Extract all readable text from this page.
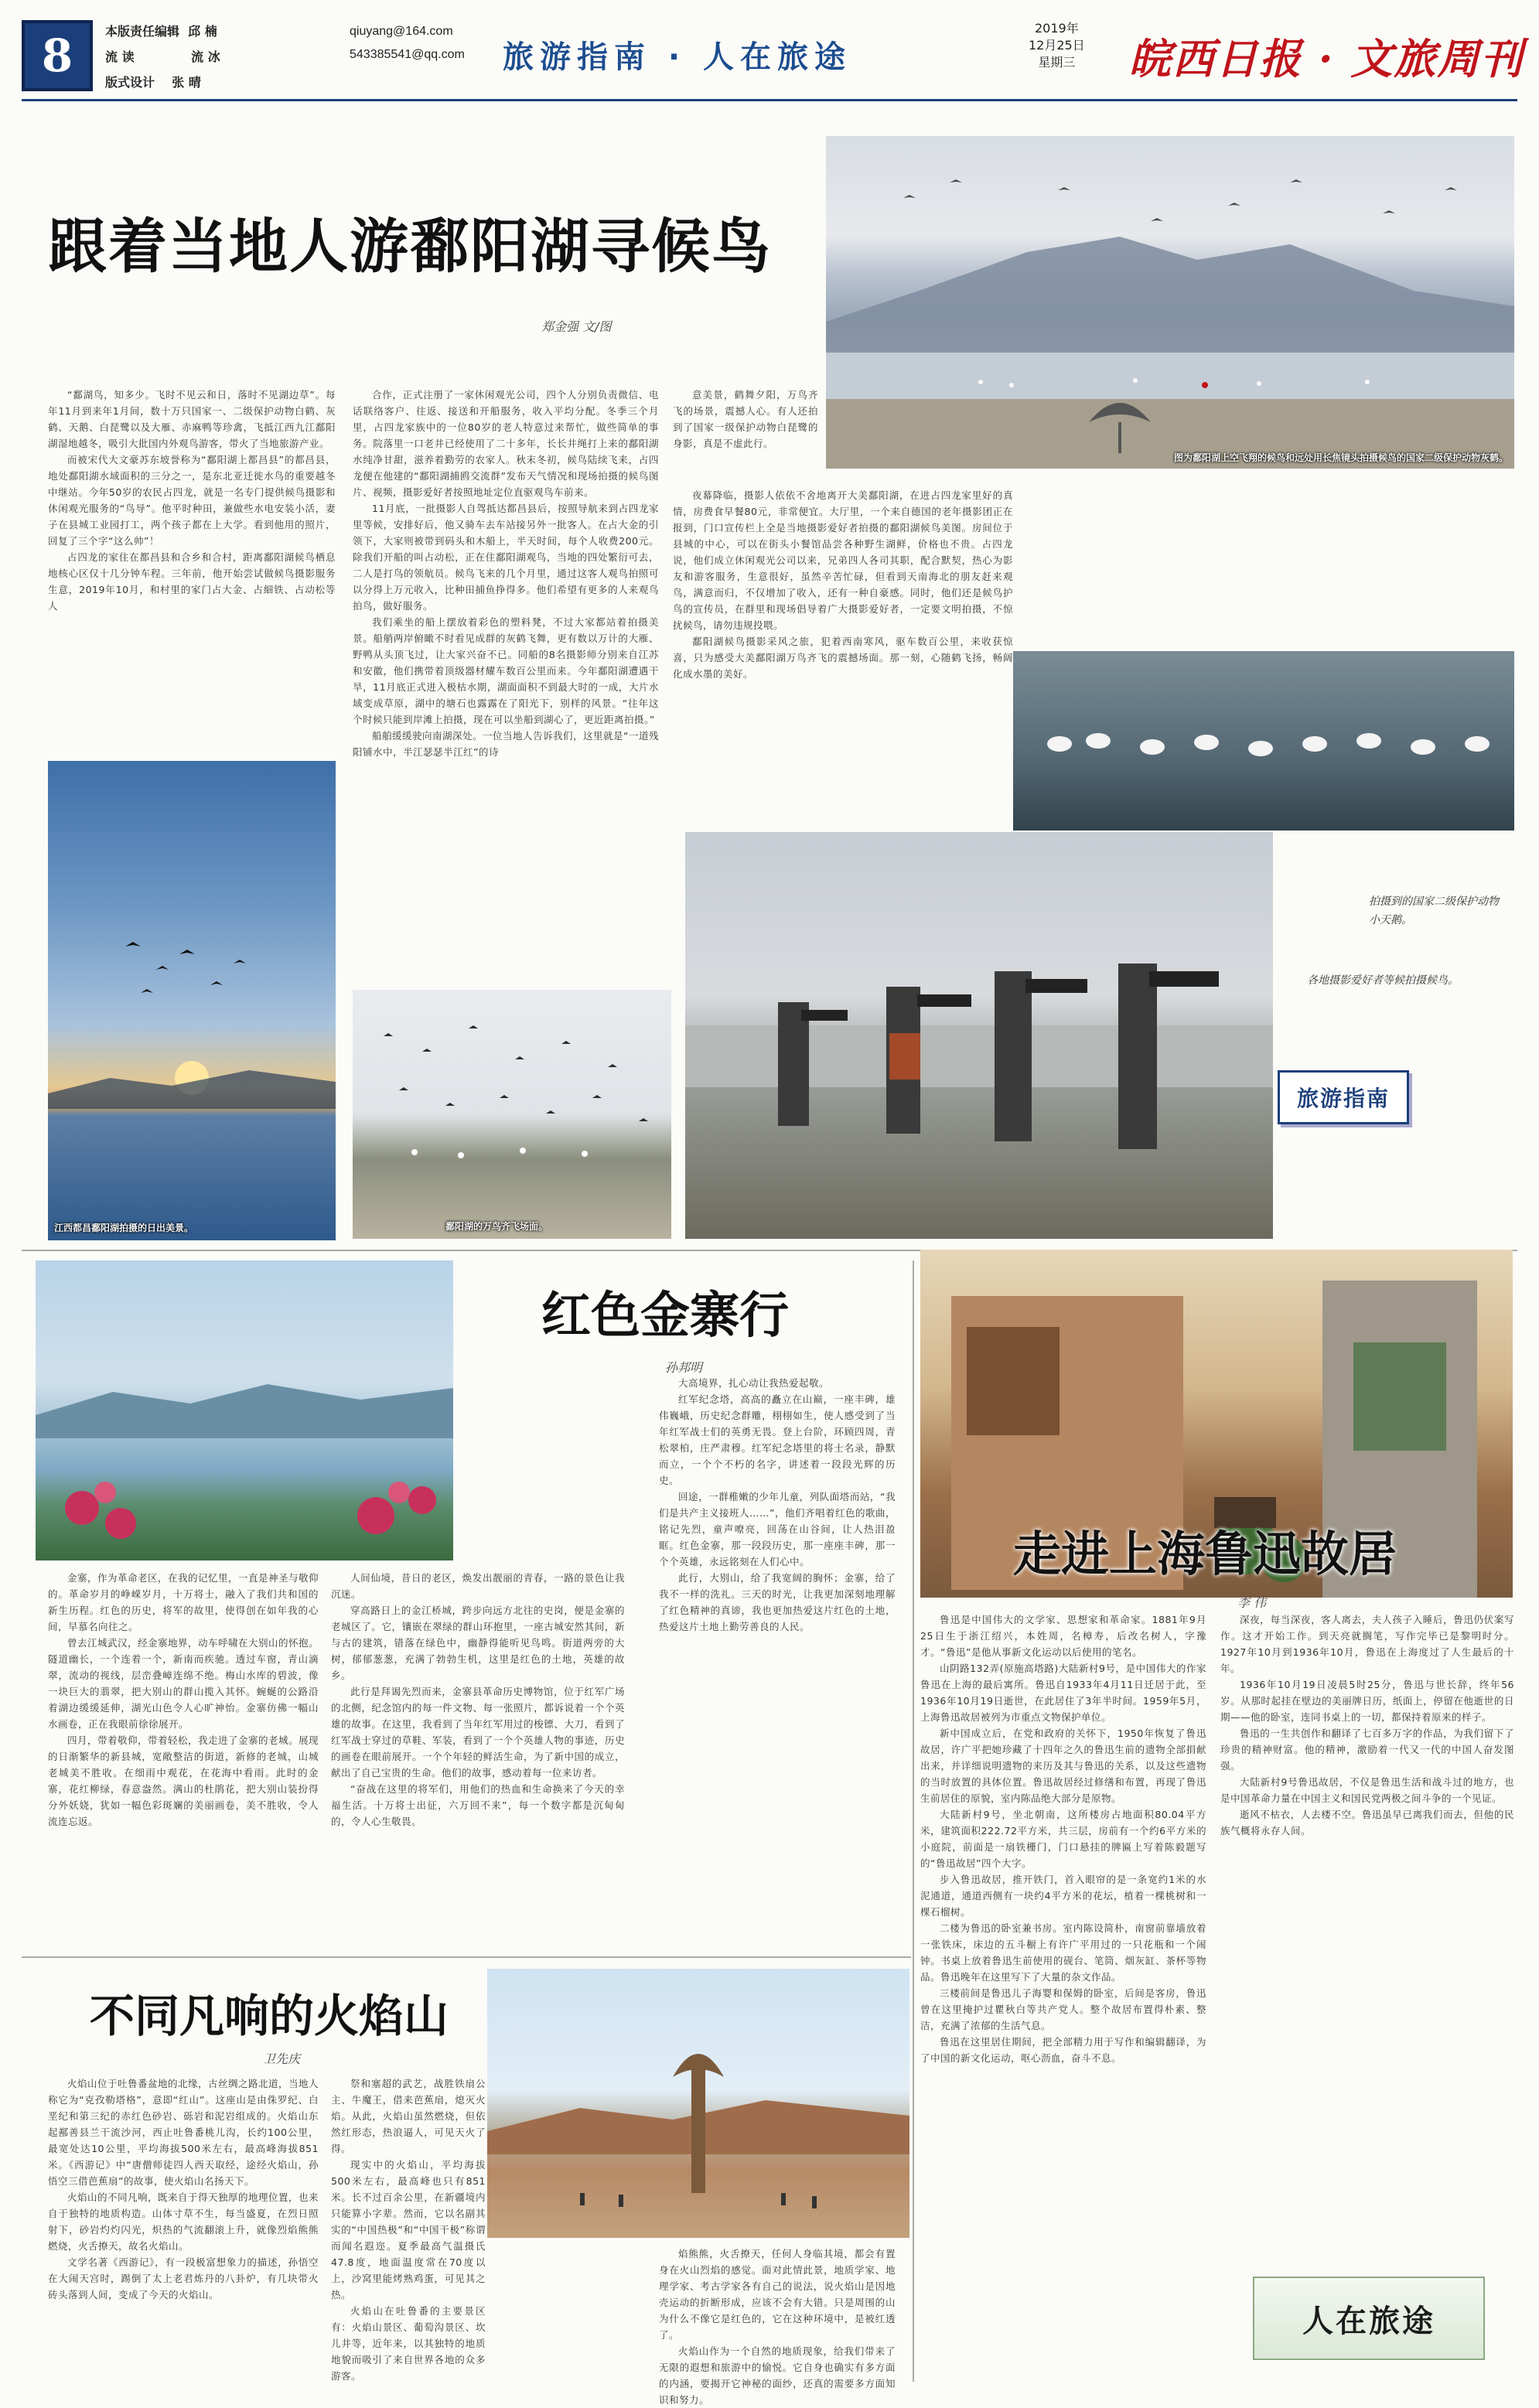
8	本版责任编辑 邱 楠
流 读	流 冰
版式设计 张 晴
qiuyang@164.com
543385541@qq.com 旅游指南 · 人在旅途
2019年
12月25日
星期三 皖西日报 · 文旅周刊
跟着当地人游鄱阳湖寻候鸟
郑金强 文/图
图为鄱阳湖上空飞翔的候鸟和远处用长焦镜头拍摄候鸟的国家二级保护动物灰鹤。

“鄱湖鸟，知多少。飞时不见云和日，落时不见湖边草”。每年11月到来年1月间，数十万只国家一、二级保护动物白鹤、灰鹤、天鹅、白琵鹭以及大雁、赤麻鸭等珍禽，飞抵江西九江鄱阳湖湿地越冬，吸引大批国内外观鸟游客，带火了当地旅游产业。

而被宋代大文豪苏东坡誉称为“鄱阳湖上都昌县”的都昌县，地处鄱阳湖水域面积的三分之一，是东北亚迁徙水鸟的重要越冬中继站。今年50岁的农民占四龙，就是一名专门提供候鸟摄影和休闲观光服务的“鸟导”。他平时种田，兼做些水电安装小活，妻子在县城工业园打工，两个孩子都在上大学。看到他用的照片，回复了三个字“这么帅”！

占四龙的家住在都昌县和合乡和合村，距离鄱阳湖候鸟栖息地核心区仅十几分钟车程。三年前，他开始尝试做候鸟摄影服务生意，2019年10月，和村里的家门占大金、占細铁、占动松等人

合作，正式注册了一家休闲观光公司，四个人分别负责微信、电话联络客户、往返、接送和开船服务，收入平均分配。冬季三个月里，占四龙家族中的一位80岁的老人特意过来帮忙，做些简单的事务。院落里一口老井已经使用了二十多年，长长井绳打上来的鄱阳湖水纯净甘甜，滋养着勤劳的农家人。秋末冬初，候鸟陆续飞来，占四龙便在他建的“鄱阳湖捕鸥交流群”发布天气情况和现场拍摄的候鸟图片、视频，摄影爱好者按照地址定位直驱观鸟车前来。

11月底，一批摄影人自驾抵达都昌县后，按照导航来到占四龙家里等候，安排好后，他又骑车去车站接另外一批客人。在占大金的引领下，大家则被带到码头和木船上，半天时间，每个人收费200元。除我们开船的叫占动松，正在住鄱阳湖观鸟，当地的四处繁衍可去，二人是打鸟的领航员。候鸟飞来的几个月里，通过这客人观鸟拍照可以分得上万元收入，比种田捕鱼挣得多。他们希望有更多的人来观鸟拍鸟，做好服务。

我们乘坐的船上摆放着彩色的塑料凳，不过大家都站着拍摄美景。船艄两岸俯瞰不时看见成群的灰鹤飞舞，更有数以万计的大雁、野鸭从头顶飞过，让大家兴奋不已。同船的8名摄影师分别来自江苏和安徽，他们携带着顶级器材耀车数百公里而来。今年鄱阳湖遭遇干旱，11月底正式进入极枯水期，湖面面积不到最大时的一成，大片水域变成草原，湖中的塘石也露露在了阳光下，别样的风景。“往年这个时候只能到岸滩上拍摄，现在可以坐船到湖心了，更近距离拍摄。”

船舶缓缓驶向南湖深处。一位当地人告诉我们，这里就是“一道残阳铺水中，半江瑟瑟半江红”的诗

意美景，鹤舞夕阳，万鸟齐飞的场景，震撼人心。有人还拍到了国家一级保护动物白琵鹭的身影，真是不虚此行。

夜幕降临，摄影人依依不舍地离开大美鄱阳湖，在进占四龙家里好的真情，房费食早餐80元，非常便宜。大厅里，一个来自德国的老年摄影团正在报到，门口宣传栏上全是当地摄影爱好者拍摄的鄱阳湖候鸟美图。房间位于县城的中心，可以在街头小餐馆品尝各种野生湖鲜，价格也不贵。占四龙说，他们成立休闲观光公司以来，兄弟四人各司其职，配合默契，热心为影友和游客服务，生意很好，虽然辛苦忙碌，但看到天南海北的朋友赶来观鸟，满意而归，不仅增加了收入，还有一种自豪感。同时，他们还是候鸟护鸟的宣传员，在群里和现场倡导着广大摄影爱好者，一定要文明拍摄，不惊扰候鸟，请勿违规投喂。

鄱阳湖候鸟摄影采风之旅，犯着西南寒风，驱车数百公里，来收获惊喜，只为感受大美鄱阳湖万鸟齐飞的震撼场面。那一刻，心随鹤飞扬，畅阔化成水墨的美好。

江西都昌鄱阳湖拍摄的日出美景。	鄱阳湖的万鸟齐飞场面。
拍摄到的国家二级保护动物小天鹅。
各地摄影爱好者等候拍摄候鸟。
旅游指南
红色金寨行
孙邦明

金寨，作为革命老区，在我的记忆里，一直是神圣与敬仰的。革命岁月的峥嵘岁月，十万将士，融入了我们共和国的新生历程。红色的历史，将军的故里，使得创在如年我的心间，早慕名向往之。

曾去江城武汉，经金寨地界，动车呼啸在大别山的怀抱。隧道幽长，一个连着一个，新南而疾驰。透过车窗，青山滴翠，流动的视线，层峦叠嶂连绵不绝。梅山水库的碧波，像一块巨大的翡翠，把大别山的群山揽入其怀。蜿蜒的公路沿着湖边缓缓延伸，湖光山色令人心旷神怡。金寨仿佛一幅山水画卷，正在我眼前徐徐展开。

四月，带着敬仰，带着轻松，我走进了金寨的老城。展现的日渐繁华的新县城，宽敞整洁的街道，新修的老城，山城老城美不胜收。在细雨中观花，在花海中看雨。此时的金寨，花红柳绿，春意盎然。满山的杜鹃花，把大别山装扮得分外妖娆，犹如一幅色彩斑斓的美丽画卷，美不胜收，令人流连忘返。

人间仙境，昔日的老区，焕发出靓丽的青春，一路的景色让我沉迷。

穿高路日上的金江桥城，跨步向远方北往的史岗，便是金寨的老城区了。它，镶嵌在翠绿的群山环抱里，一座古城安然其间，新与古的建筑，错落在绿色中，幽静得能听见鸟鸣。街道两旁的大树，郁郁葱葱，充满了勃勃生机，这里是红色的土地，英雄的故乡。

此行是拜谒先烈而来，金寨县革命历史博物馆，位于红军广场的北侧，纪念馆内的每一件文物、每一张照片，都诉说着一个个英雄的故事。在这里，我看到了当年红军用过的梭镖、大刀，看到了红军战士穿过的草鞋、军装，看到了一个个英雄人物的事迹，历史的画卷在眼前展开。一个个年轻的鲜活生命，为了新中国的成立，献出了自己宝贵的生命。他们的故事，感动着每一位来访者。

“奋战在这里的将军们，用他们的热血和生命换来了今天的幸福生活。十万将士出征，六万回不来”，每一个数字都是沉甸甸的，令人心生敬畏。

大高境界，扎心动让我热爱起敬。

红军纪念塔，高高的矗立在山巅，一座丰碑，雄伟巍峨，历史纪念群雕，栩栩如生，使人感受到了当年红军战士们的英勇无畏。登上台阶，环顾四周，青松翠柏，庄严肃穆。红军纪念塔里的将士名录，静默而立，一个个不朽的名字，讲述着一段段光辉的历史。

回途，一群稚嫩的少年儿童，列队面塔而站，“我们是共产主义接班人……”，他们齐唱着红色的歌曲，铭记先烈，童声嘹亮，回荡在山谷间，让人热泪盈眶。红色金寨，那一段段历史，那一座座丰碑，那一个个英雄，永远铭刻在人们心中。

此行，大别山，给了我宽阔的胸怀；金寨，给了我不一样的洗礼。三天的时光，让我更加深刻地理解了红色精神的真谛，我也更加热爱这片红色的土地，热爱这片土地上勤劳善良的人民。

不同凡响的火焰山
卫先庆

火焰山位于吐鲁番盆地的北缘，古丝绸之路北道，当地人称它为“克孜勒塔格”，意即“红山”。这座山是由侏罗纪、白垩纪和第三纪的赤红色砂岩、砾岩和泥岩组成的。火焰山东起鄯善县兰干流沙河，西止吐鲁番桃儿沟，长约100公里，最宽处达10公里，平均海拔500米左右，最高峰海拔851米。《西游记》中“唐僧师徒四人西天取经，途经火焰山，孙悟空三借芭蕉扇”的故事，使火焰山名扬天下。

火焰山的不同凡响，既来自于得天独厚的地理位置，也来自于独特的地质构造。山体寸草不生，每当盛夏，在烈日照射下，砂岩灼灼闪光，炽热的气流翻滚上升，就像烈焰熊熊燃烧，火舌撩天，故名火焰山。

文学名著《西游记》，有一段极富想象力的描述，孙悟空在大闹天宫时，踢倒了太上老君炼丹的八卦炉，有几块带火砖头落到人间，变成了今天的火焰山。

祭和塞超的武艺，战胜铁扇公主、牛魔王，借来芭蕉扇，熄灭火焰。从此，火焰山虽然燃烧，但依然红形态，热浪逼人，可见天火了得。

现实中的火焰山，平均海拔500米左右，最高峰也只有851米。长不过百余公里，在新疆境内只能算小字辈。然而，它以名副其实的“中国热极”和“中国干极”称谓而闻名遐迩。夏季最高气温摄氏47.8度，地面温度常在70度以上，沙窝里能烤熟鸡蛋，可见其之热。

火焰山在吐鲁番的主要景区有：火焰山景区、葡萄沟景区、坎儿井等，近年来，以其独特的地质地貌而吸引了来自世界各地的众多游客。

焰熊熊，火舌撩天，任何人身临其境，都会有置身在火山烈焰的感觉。面对此情此景，地质学家、地理学家、考古学家各有自己的说法，说火焰山是因地壳运动的折断形成，应该不会有大错。只是周围的山为什么不像它是红色的，它在这种环境中，是被红透了。

火焰山作为一个自然的地质现象，给我们带来了无限的遐想和旅游中的愉悦。它自身也确实有多方面的内涵，要揭开它神秘的面纱，还真的需要多方面知识和努力。

走进上海鲁迅故居
李 伟

鲁迅是中国伟大的文学家、思想家和革命家。1881年9月25日生于浙江绍兴，本姓周，名樟寿，后改名树人，字豫才。“鲁迅”是他从事新文化运动以后使用的笔名。

山阴路132弄(原施高塔路)大陆新村9号，是中国伟大的作家鲁迅在上海的最后寓所。鲁迅自1933年4月11日迁居于此，至1936年10月19日逝世，在此居住了3年半时间。1959年5月，上海鲁迅故居被列为市重点文物保护单位。

新中国成立后，在党和政府的关怀下，1950年恢复了鲁迅故居，许广平把她珍藏了十四年之久的鲁迅生前的遗物全部捐献出来，并详细说明遗物的来历及其与鲁迅的关系，以及这些遗物的当时放置的具体位置。鲁迅故居经过修缮和布置，再现了鲁迅生前居住的原貌，室内陈品绝大部分是原物。

大陆新村9号，坐北朝南，这所楼房占地面积80.04平方米，建筑面积222.72平方米，共三层，房前有一个约6平方米的小庭院，前面是一扇铁栅门，门口悬挂的牌匾上写着陈毅题写的“鲁迅故居”四个大字。

步入鲁迅故居，推开铁门，首入眼帘的是一条宽约1米的水泥通道，通道西侧有一块约4平方米的花坛，植着一棵桃树和一棵石榴树。

二楼为鲁迅的卧室兼书房。室内陈设简朴，南窗前靠墙放着一张铁床，床边的五斗橱上有许广平用过的一只花瓶和一个闹钟。书桌上放着鲁迅生前使用的砚台、笔筒、烟灰缸、茶杯等物品。鲁迅晚年在这里写下了大量的杂文作品。

三楼前间是鲁迅儿子海婴和保姆的卧室，后间是客房，鲁迅曾在这里掩护过瞿秋白等共产党人。整个故居布置得朴素、整洁，充满了浓郁的生活气息。

鲁迅在这里居住期间，把全部精力用于写作和编辑翻译，为了中国的新文化运动，呕心沥血，奋斗不息。

深夜，每当深夜，客人离去，夫人孩子入睡后，鲁迅仍伏案写作。这才开始工作。到天亮就搁笔，写作完毕已是黎明时分。1927年10月到1936年10月，鲁迅在上海度过了人生最后的十年。

1936年10月19日凌晨5时25分，鲁迅与世长辞，终年56岁。从那时起挂在壁边的美丽牌日历，纸面上，停留在他逝世的日期——他的卧室，连同书桌上的一切，都保持着原来的样子。

鲁迅的一生共创作和翻译了七百多万字的作品，为我们留下了珍贵的精神财富。他的精神，激励着一代又一代的中国人奋发图强。

大陆新村9号鲁迅故居，不仅是鲁迅生活和战斗过的地方，也是中国革命力量在中国主义和国民党两极之间斗争的一个见证。

逝风不枯衣，人去楼不空。鲁迅虽早已离我们而去，但他的民族气概将永存人间。

人在旅途
